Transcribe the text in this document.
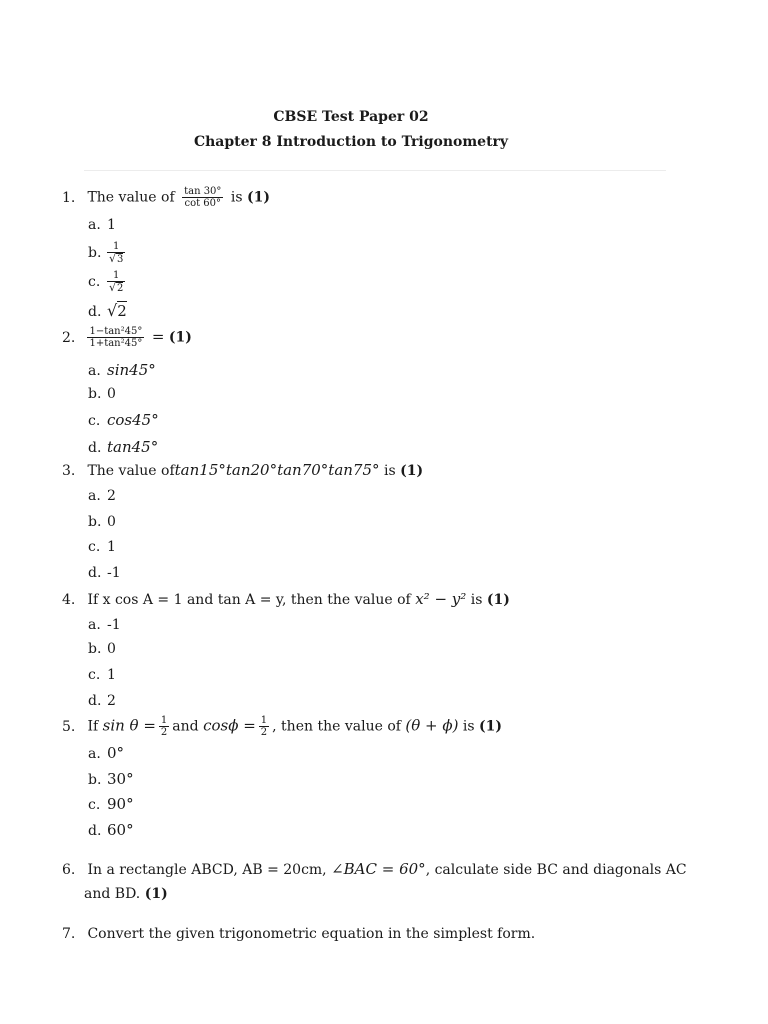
CBSE Test Paper 02
Chapter 8 Introduction to Trigonometry
1. The value of $\frac{\tan 30^\circ}{\cot 60^\circ}$ is (1)
a. 1
b. $\frac{1}{√3}$
c. $\frac{1}{√2}$
d. √2
2. $\frac{\text{1−tan²45°}}{\text{1+tan²45°}} = (1)$
a. sin45°
b. 0
c. cos45°
d. tan45°
3. The value oftan15°tan20°tan70°tan75° is (1)
a. 2
b. 0
c. 1
d. -1
4. If x cos A = 1 and tan A = y, then the value of x² − y² is (1)
a. -1
b. 0
c. 1
d. 2
5. If $\sin \theta = \frac{1}{2}$ and $\cos\phi = \frac{1}{2}$ , then the value of (θ + ϕ) is (1)
a. 0°
b. 30°
c. 90°
d. 60°
6. In a rectangle ABCD, AB = 20cm, ∠BAC = 60°, calculate side BC and diagonals AC
and BD. (1)
7. Convert the given trigonometric equation in the simplest form.
